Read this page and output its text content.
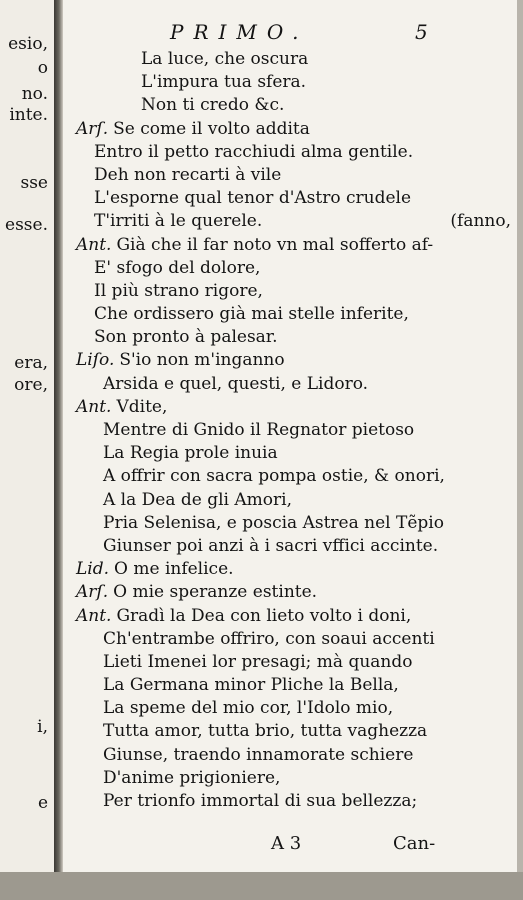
esio,
o
no.
inte.
sse
esse.
era,
ore,
i,
e
PRIMO.	5
La luce, che oscura
L'impura tua sfera.
Non ti credo &c.
Arſ. Se come il volto addita
Entro il petto racchiudi alma gentile.
Deh non recarti à vile
L'esporne qual tenor d'Astro crudele
T'irriti à le querele.	(fanno,
Ant. Già che il far noto vn mal sofferto af-
E' sfogo del dolore,
Il più strano rigore,
Che ordissero già mai stelle inferite,
Son pronto à palesar.
Liſo. S'io non m'inganno
Arsida e quel, questi, e Lidoro.
Ant. Vdite,
Mentre di Gnido il Regnator pietoso
La Regia prole inuia
A offrir con sacra pompa ostie, & onori,
A la Dea de gli Amori,
Pria Selenisa, e poscia Astrea nel Tẽpio
Giunser poi anzi à i sacri vffici accinte.
Lid. O me infelice.
Arſ. O mie speranze estinte.
Ant. Gradì la Dea con lieto volto i doni,
Ch'entrambe offriro, con soaui accenti
Lieti Imenei lor presagi; mà quando
La Germana minor Pliche la Bella,
La speme del mio cor, l'Idolo mio,
Tutta amor, tutta brio, tutta vaghezza
Giunse, traendo innamorate schiere
D'anime prigioniere,
Per trionfo immortal di sua bellezza;
A 3	Can-
